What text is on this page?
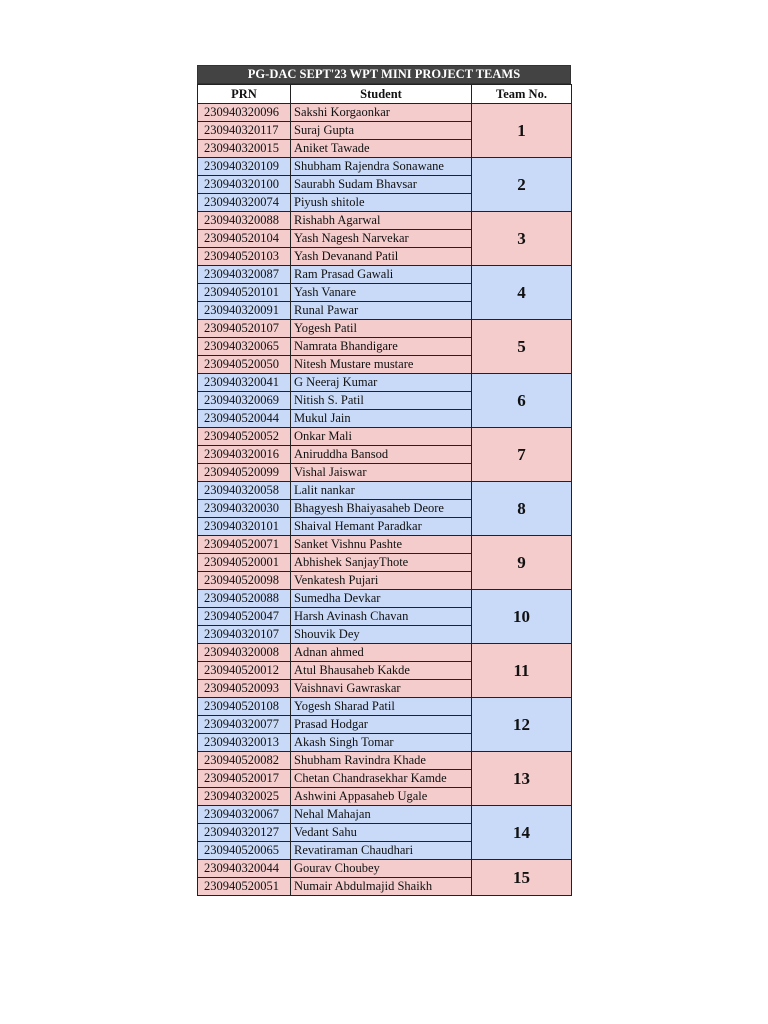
PG-DAC SEPT'23 WPT MINI PROJECT TEAMS
PRN	Student	Team No.
230940320096	Sakshi Korgaonkar	1
230940320117	Suraj Gupta	
230940320015	Aniket Tawade	
230940320109	Shubham Rajendra Sonawane	2
230940320100	Saurabh Sudam Bhavsar	
230940320074	Piyush shitole	
230940320088	Rishabh Agarwal	3
230940520104	Yash Nagesh Narvekar	
230940520103	Yash Devanand Patil	
230940320087	Ram Prasad Gawali	4
230940520101	Yash Vanare	
230940320091	Runal Pawar	
230940520107	Yogesh Patil	5
230940320065	Namrata Bhandigare	
230940520050	Nitesh Mustare mustare	
230940320041	G Neeraj Kumar	6
230940320069	Nitish S. Patil	
230940520044	Mukul Jain	
230940520052	Onkar Mali	7
230940320016	Aniruddha Bansod	
230940520099	Vishal Jaiswar	
230940320058	Lalit nankar	8
230940320030	Bhagyesh Bhaiyasaheb Deore	
230940320101	Shaival Hemant Paradkar	
230940520071	Sanket Vishnu Pashte	9
230940520001	Abhishek SanjayThote	
230940520098	Venkatesh Pujari	
230940520088	Sumedha Devkar	10
230940520047	Harsh Avinash Chavan	
230940320107	Shouvik Dey	
230940320008	Adnan ahmed	11
230940520012	Atul Bhausaheb Kakde	
230940520093	Vaishnavi Gawraskar	
230940520108	Yogesh Sharad Patil	12
230940320077	Prasad Hodgar	
230940320013	Akash Singh Tomar	
230940520082	Shubham Ravindra Khade	13
230940520017	Chetan Chandrasekhar Kamde	
230940320025	Ashwini Appasaheb Ugale	
230940320067	Nehal Mahajan	14
230940320127	Vedant Sahu	
230940520065	Revatiraman Chaudhari	
230940320044	Gourav Choubey	15
230940520051	Numair Abdulmajid Shaikh	
